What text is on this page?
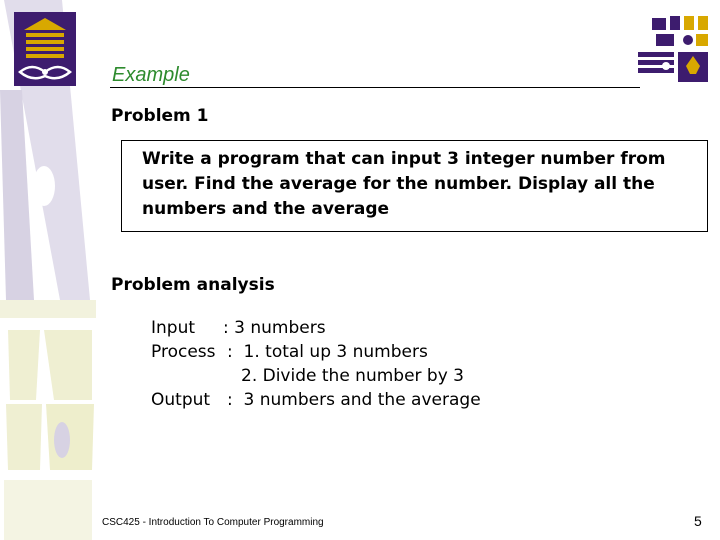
Example

Problem 1

Write a program that can input 3 integer number from user. Find the average for the number. Display all the numbers and the average

Problem analysis

Input	: 3 numbers
Process :  1. total up 3 numbers
2. Divide the number by 3
Output :  3 numbers and the average
CSC425 - Introduction To Computer Programming	5
